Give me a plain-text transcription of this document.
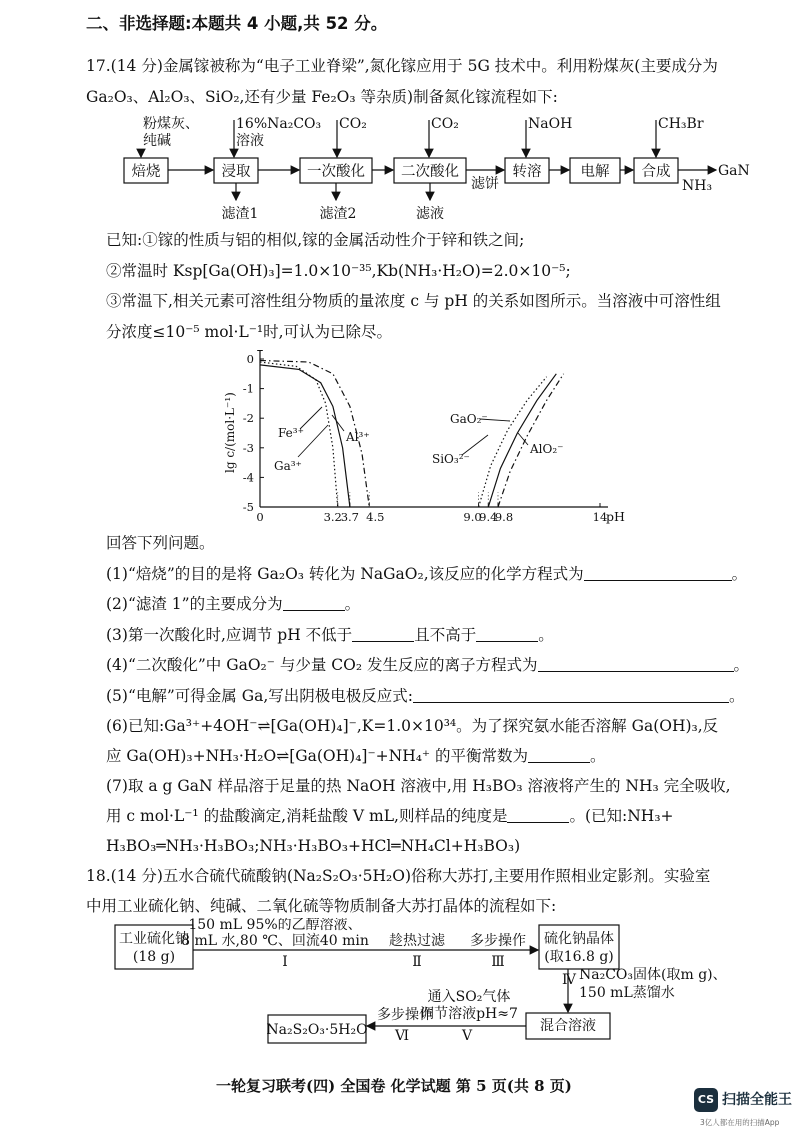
二、非选择题:本题共 4 小题,共 52 分。
17.(14 分)金属镓被称为“电子工业脊梁”,氮化镓应用于 5G 技术中。利用粉煤灰(主要成分为
Ga₂O₃、Al₂O₃、SiO₂,还有少量 Fe₂O₃ 等杂质)制备氮化镓流程如下:
粉煤灰、
纯碱
16%Na₂CO₃
溶液
CO₂	CO₂	NaOH	CH₃Br
焙烧	浸取	一次酸化 二次酸化	转溶	电解 合成	GaN
NH₃
滤饼
滤渣1	滤渣2	滤液
已知:①镓的性质与铝的相似,镓的金属活动性介于锌和铁之间;
②常温时 Ksp[Ga(OH)₃]=1.0×10⁻³⁵,Kb(NH₃·H₂O)=2.0×10⁻⁵;
③常温下,相关元素可溶性组分物质的量浓度 c 与 pH 的关系如图所示。当溶液中可溶性组
分浓度≤10⁻⁵ mol·L⁻¹时,可认为已除尽。
0
-1
-2
-3
-4
-5
0	3.2
3.7 4.5	9.0
9.4
9.8	14
pH
lg c/(mol·L⁻¹)	Fe³⁺
Ga³⁺
Al³⁺
SiO₃²⁻
GaO₂⁻
AlO₂⁻
回答下列问题。
(1)“焙烧”的目的是将 Ga₂O₃ 转化为 NaGaO₂,该反应的化学方程式为	。
(2)“滤渣 1”的主要成分为	。
(3)第一次酸化时,应调节 pH 不低于	且不高于	。
(4)“二次酸化”中 GaO₂⁻ 与少量 CO₂ 发生反应的离子方程式为	。
(5)“电解”可得金属 Ga,写出阴极电极反应式:	。
(6)已知:Ga³⁺+4OH⁻⇌[Ga(OH)₄]⁻,K=1.0×10³⁴。为了探究氨水能否溶解 Ga(OH)₃,反
应 Ga(OH)₃+NH₃·H₂O⇌[Ga(OH)₄]⁻+NH₄⁺ 的平衡常数为	。
(7)取 a g GaN 样品溶于足量的热 NaOH 溶液中,用 H₃BO₃ 溶液将产生的 NH₃ 完全吸收,
用 c mol·L⁻¹ 的盐酸滴定,消耗盐酸 V mL,则样品的纯度是	。(已知:NH₃+
H₃BO₃═NH₃·H₃BO₃;NH₃·H₃BO₃+HCl═NH₄Cl+H₃BO₃)
18.(14 分)五水合硫代硫酸钠(Na₂S₂O₃·5H₂O)俗称大苏打,主要用作照相业定影剂。实验室
中用工业硫化钠、纯碱、二氧化硫等物质制备大苏打晶体的流程如下:
工业硫化钠
(18 g)
150 mL 95%的乙醇溶液、
8 mL 水,80 ℃、回流40 min
Ⅰ
趁热过滤
Ⅱ
多步操作
Ⅲ
硫化钠晶体
(取16.8 g)
混合溶液
Na₂S₂O₃·5H₂O
通入SO₂气体
调节溶液pH≈7
Ⅴ
多步操作
Ⅵ
Ⅳ Na₂CO₃固体(取m g)、
150 mL蒸馏水
一轮复习联考(四) 全国卷 化学试题 第 5 页(共 8 页)
CS 扫描全能王
3亿人都在用的扫描App
